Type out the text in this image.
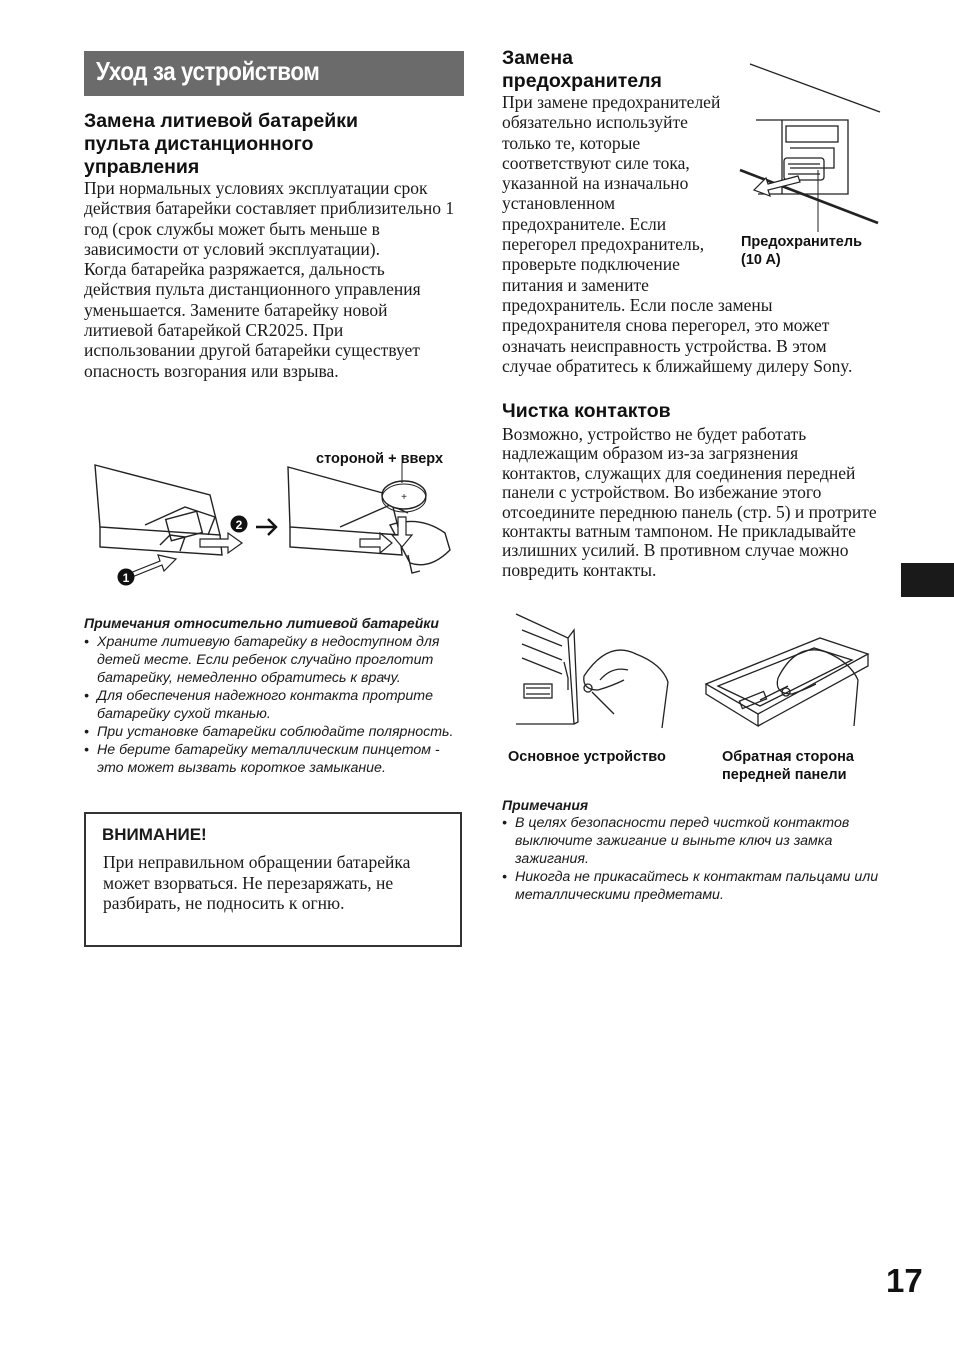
Уход за устройством
Замена литиевой батарейки пульта дистанционного управления

При нормальных условиях эксплуатации срок действия батарейки составляет приблизительно 1 год (срок службы может быть меньше в зависимости от условий эксплуатации).

Когда батарейка разряжается, дальность действия пульта дистанционного управления уменьшается. Замените батарейку новой литиевой батарейкой CR2025. При использовании другой батарейки существует опасность возгорания или взрыва.

стороной + вверх
1
2
+
Примечания относительно литиевой батарейки
• Храните литиевую батарейку в недоступном для детей месте. Если ребенок случайно проглотит батарейку, немедленно обратитесь к врачу.
• Для обеспечения надежного контакта протрите батарейку сухой тканью.
• При установке батарейки соблюдайте полярность.
• Не берите батарейку металлическим пинцетом - это может вызвать короткое замыкание.
ВНИМАНИЕ!
При неправильном обращении батарейка может взорваться. Не перезаряжать, не разбирать, не подносить к огню.
Замена предохранителя

При замене предохранителей обязательно используйте только те, которые соответствуют силе тока, указанной на изначально установленном предохранителе. Если перегорел предохранитель, проверьте подключение питания и замените предохранитель. Если после замены предохранителя снова перегорел, это может означать неисправность устройства. В этом случае обратитесь к ближайшему дилеру Sony.

Предохранитель
(10 A)
Чистка контактов
Возможно, устройство не будет работать надлежащим образом из-за загрязнения контактов, служащих для соединения передней панели с устройством. Во избежание этого отсоедините переднюю панель (стр. 5) и протрите контакты ватным тампоном. Не прикладывайте излишних усилий. В противном случае можно повредить контакты.
Основное устройство	Обратная сторона
передней панели
Примечания
• В целях безопасности перед чисткой контактов выключите зажигание и выньте ключ из замка зажигания.
• Никогда не прикасайтесь к контактам пальцами или металлическими предметами.
17
